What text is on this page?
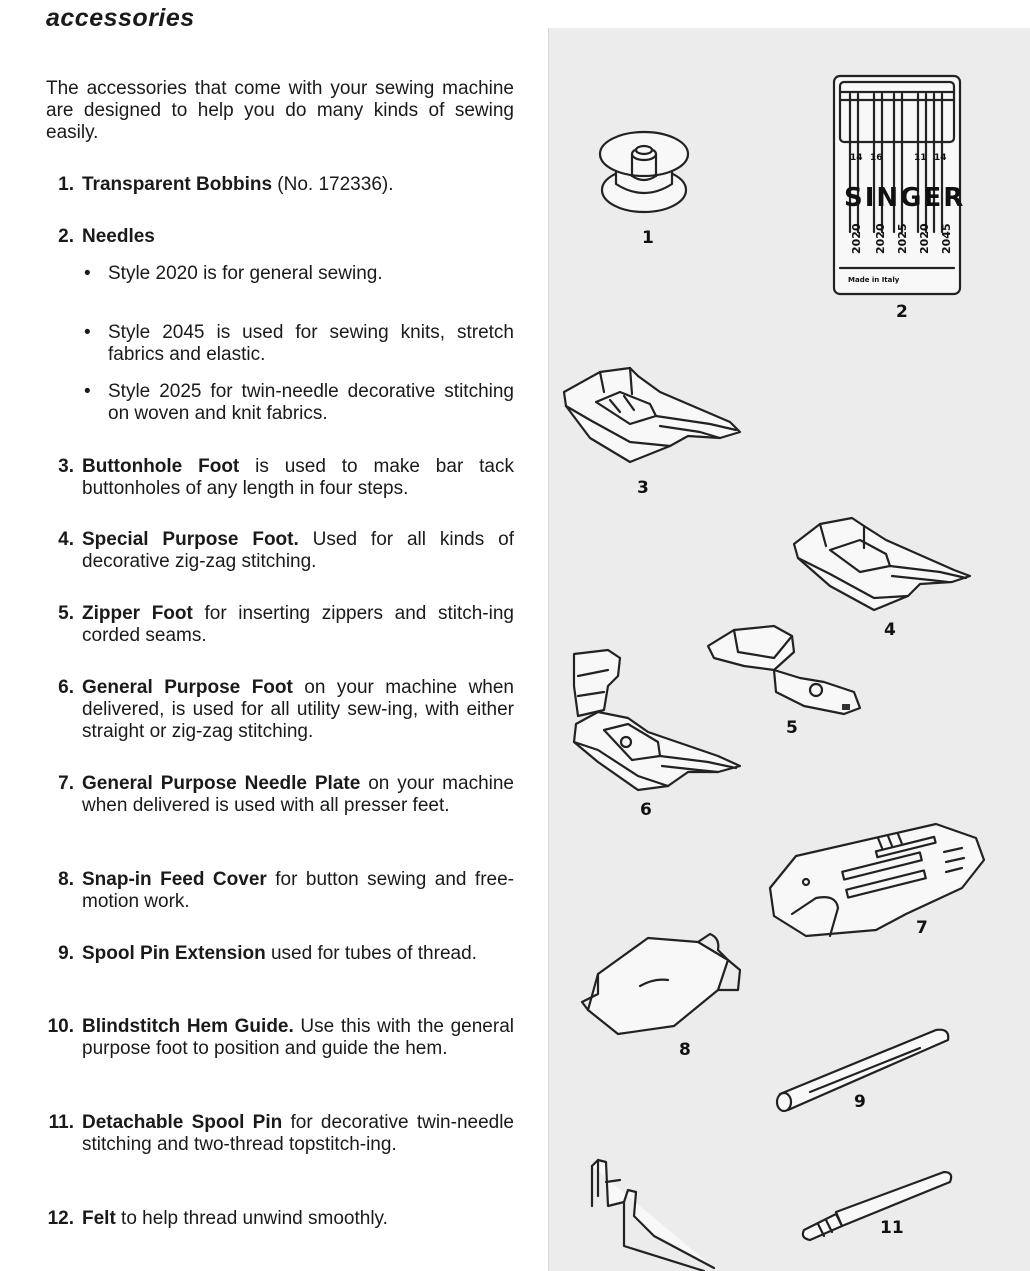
accessories

The accessories that come with your sewing machine are designed to help you do many kinds of sewing easily.

1. Transparent Bobbins (No. 172336).
2. Needles
• Style 2020 is for general sewing.
• Style 2045 is used for sewing knits, stretch fabrics and elastic.
• Style 2025 for twin-needle decorative stitching on woven and knit fabrics.
3. Buttonhole Foot is used to make bar tack buttonholes of any length in four steps.
4. Special Purpose Foot. Used for all kinds of decorative zig-zag stitching.
5. Zipper Foot for inserting zippers and stitch-ing corded seams.
6. General Purpose Foot on your machine when delivered, is used for all utility sew-ing, with either straight or zig-zag stitching.
7. General Purpose Needle Plate on your machine when delivered is used with all presser feet.
8. Snap-in Feed Cover for button sewing and free-motion work.
9. Spool Pin Extension used for tubes of thread.
10. Blindstitch Hem Guide. Use this with the general purpose foot to position and guide the hem.
11. Detachable Spool Pin for decorative twin-needle stitching and two-thread topstitch-ing.
12. Felt to help thread unwind smoothly.
1
14 16	11 14
SINGER
2020 2020 2025 2020 2045
Made in Italy
2
3
4
5
6
7
8
9
11
